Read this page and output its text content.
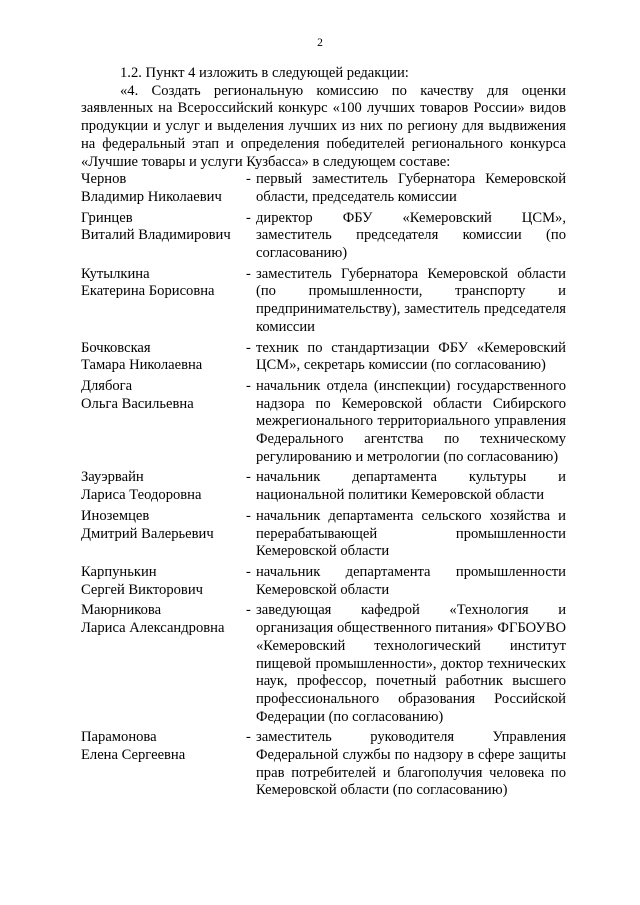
2

1.2. Пункт 4 изложить в следующей редакции:

«4. Создать региональную комиссию по качеству для оценки заявленных на Всероссийский конкурс «100 лучших товаров России» видов продукции и услуг и выделения лучших из них по региону для выдвижения на федеральный этап и определения победителей регионального конкурса «Лучшие товары и услуги Кузбасса» в следующем составе:

Чернов
Владимир Николаевич
- первый заместитель Губернатора Кемеровской области, председатель комиссии
Гринцев
Виталий Владимирович
- директор ФБУ «Кемеровский ЦСМ», заместитель председателя комиссии (по согласованию)
Кутылкина
Екатерина Борисовна
- заместитель Губернатора Кемеровской области (по промышленности, транспорту и предпринимательству), заместитель председателя комиссии
Бочковская
Тамара Николаевна
- техник по стандартизации ФБУ «Кемеровский ЦСМ», секретарь комиссии (по согласованию)
Длябога
Ольга Васильевна
- начальник отдела (инспекции) государственного надзора по Кемеровской области Сибирского межрегионального территориального управления Федерального агентства по техническому регулированию и метрологии (по согласованию)
Зауэрвайн
Лариса Теодоровна
- начальник департамента культуры и национальной политики Кемеровской области
Иноземцев
Дмитрий Валерьевич
- начальник департамента сельского хозяйства и перерабатывающей промышленности Кемеровской области
Карпунькин
Сергей Викторович
- начальник департамента промышленности Кемеровской области
Маюрникова
Лариса Александровна
- заведующая кафедрой «Технология и организация общественного питания» ФГБОУВО «Кемеровский технологический институт пищевой промышленности», доктор технических наук, профессор, почетный работник высшего профессионального образования Российской Федерации (по согласованию)
Парамонова
Елена Сергеевна
- заместитель руководителя Управления Федеральной службы по надзору в сфере защиты прав потребителей и благополучия человека по Кемеровской области (по согласованию)
